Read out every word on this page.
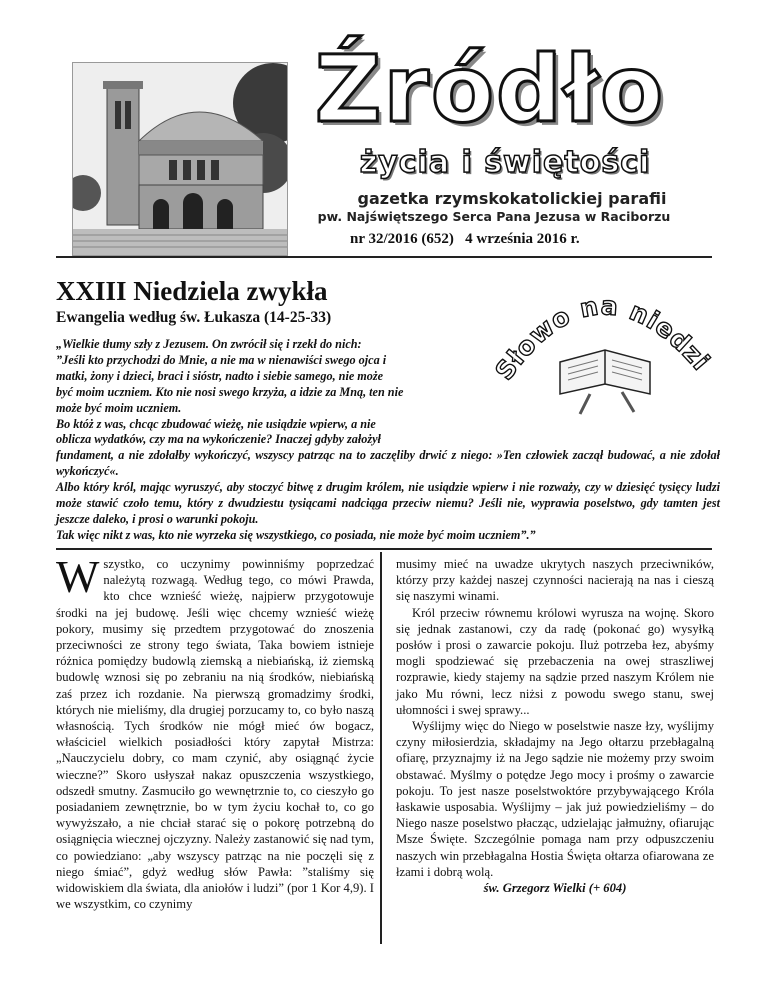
Źródło
życia i świętości
gazetka rzymskokatolickiej parafii
pw. Najświętszego Serca Pana Jezusa w Raciborzu
nr 32/2016 (652) 4 września 2016 r.
XXIII Niedziela zwykła
Ewangelia według św. Łukasza (14-25-33)
Słowo na niedzi

„Wielkie tłumy szły z Jezusem. On zwrócił się i rzekł do nich:

”Jeśli kto przychodzi do Mnie, a nie ma w nienawiści swego ojca i

matki, żony i dzieci, braci i sióstr, nadto i siebie samego, nie może

być moim uczniem. Kto nie nosi swego krzyża, a idzie za Mną, ten nie

może być moim uczniem.

Bo któż z was, chcąc zbudować wieżę, nie usiądzie wpierw, a nie

oblicza wydatków, czy ma na wykończenie? Inaczej gdyby założył

fundament, a nie zdołałby wykończyć, wszyscy patrząc na to zaczęliby drwić z niego: »Ten człowiek zaczął budować, a nie zdołał wykończyć«.

Albo który król, mając wyruszyć, aby stoczyć bitwę z drugim królem, nie usiądzie wpierw i nie rozważy, czy w dziesięć tysięcy ludzi może stawić czoło temu, który z dwudziestu tysiącami nadciąga przeciw niemu? Jeśli nie, wyprawia poselstwo, gdy tamten jest jeszcze daleko, i prosi o warunki pokoju.

Tak więc nikt z was, kto nie wyrzeka się wszystkiego, co posiada, nie może być moim uczniem”.”

Wszystko, co uczynimy powinniśmy poprzedzać należytą rozwagą. Według tego, co mówi Prawda, kto chce wznieść wieżę, najpierw przygotowuje środki na jej budowę. Jeśli więc chcemy wznieść wieżę pokory, musimy się przedtem przygotować do znoszenia przeciwności ze strony tego świata, Taka bowiem istnieje różnica pomiędzy budowlą ziemską a niebiańską, iż ziemską budowlę wznosi się po zebraniu na nią środków, niebiańską zaś przez ich rozdanie. Na pierwszą gromadzimy środki, których nie mieliśmy, dla drugiej porzucamy to, co było naszą własnością. Tych środków nie mógł mieć ów bogacz, właściciel wielkich posiadłości który zapytał Mistrza: „Nauczycielu dobry, co mam czynić, aby osiągnąć życie wieczne?” Skoro usłyszał nakaz opuszczenia wszystkiego, odszedł smutny. Zasmuciło go wewnętrznie to, co cieszyło go posiadaniem zewnętrznie, bo w tym życiu kochał to, co go wywyższało, a nie chciał starać się o pokorę potrzebną do osiągnięcia wiecznej ojczyzny. Należy zastanowić się nad tym, co powiedziano: „aby wszyscy patrząc na nie poczęli się z niego śmiać”, gdyż według słów Pawła: ”staliśmy się widowiskiem dla świata, dla aniołów i ludzi” (por 1 Kor 4,9). I we wszystkim, co czynimy

musimy mieć na uwadze ukrytych naszych przeciwników, którzy przy każdej naszej czynności nacierają na nas i cieszą się naszymi winami.

Król przeciw równemu królowi wyrusza na wojnę. Skoro się jednak zastanowi, czy da radę (pokonać go) wysyłką posłów i prosi o zawarcie pokoju. Iluż potrzeba łez, abyśmy mogli spodziewać się przebaczenia na owej straszliwej rozprawie, kiedy stajemy na sądzie przed naszym Królem nie jako Mu równi, lecz niżsi z powodu swego stanu, swej ułomności i swej sprawy...

Wyślijmy więc do Niego w poselstwie nasze łzy, wyślijmy czyny miłosierdzia, składajmy na Jego ołtarzu przebłagalną ofiarę, przyznajmy iż na Jego sądzie nie możemy przy swoim obstawać. Myślmy o potędze Jego mocy i prośmy o zawarcie pokoju. To jest nasze poselstwoktóre przybywającego Króla łaskawie usposabia. Wyślijmy – jak już powiedzieliśmy – do Niego nasze poselstwo płacząc, udzielając jałmużny, ofiarując Msze Święte. Szczególnie pomaga nam przy odpuszczeniu naszych win przebłagalna Hostia Święta ołtarza ofiarowana ze łzami i dobrą wolą.

św. Grzegorz Wielki (+ 604)
